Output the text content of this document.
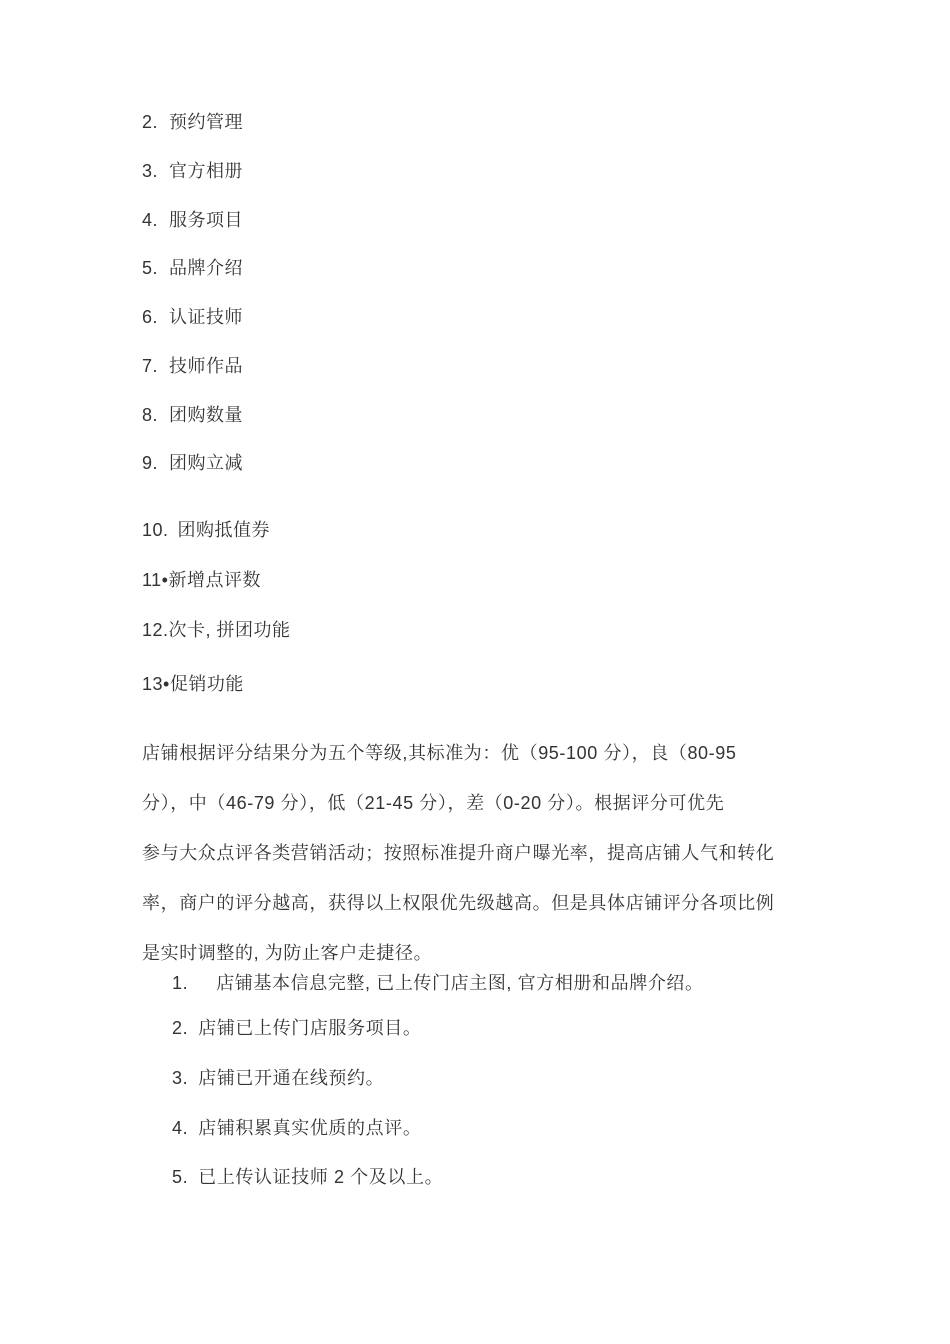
2. 预约管理
3. 官方相册
4. 服务项目
5. 品牌介绍
6. 认证技师
7. 技师作品
8. 团购数量
9. 团购立减
10. 团购抵值券
11•新增点评数
12.次卡, 拼团功能
13•促销功能
店铺根据评分结果分为五个等级,其标准为：优（95-100 分），良（80-95
分），中（46-79 分），低（21-45 分），差（0-20 分）。根据评分可优先
参与大众点评各类营销活动；按照标准提升商户曝光率，提高店铺人气和转化
率，商户的评分越高，获得以上权限优先级越高。但是具体店铺评分各项比例
是实时调整的, 为防止客户走捷径。
1. 店铺基本信息完整, 已上传门店主图, 官方相册和品牌介绍。
2. 店铺已上传门店服务项目。
3. 店铺已开通在线预约。
4. 店铺积累真实优质的点评。
5. 已上传认证技师 2 个及以上。
